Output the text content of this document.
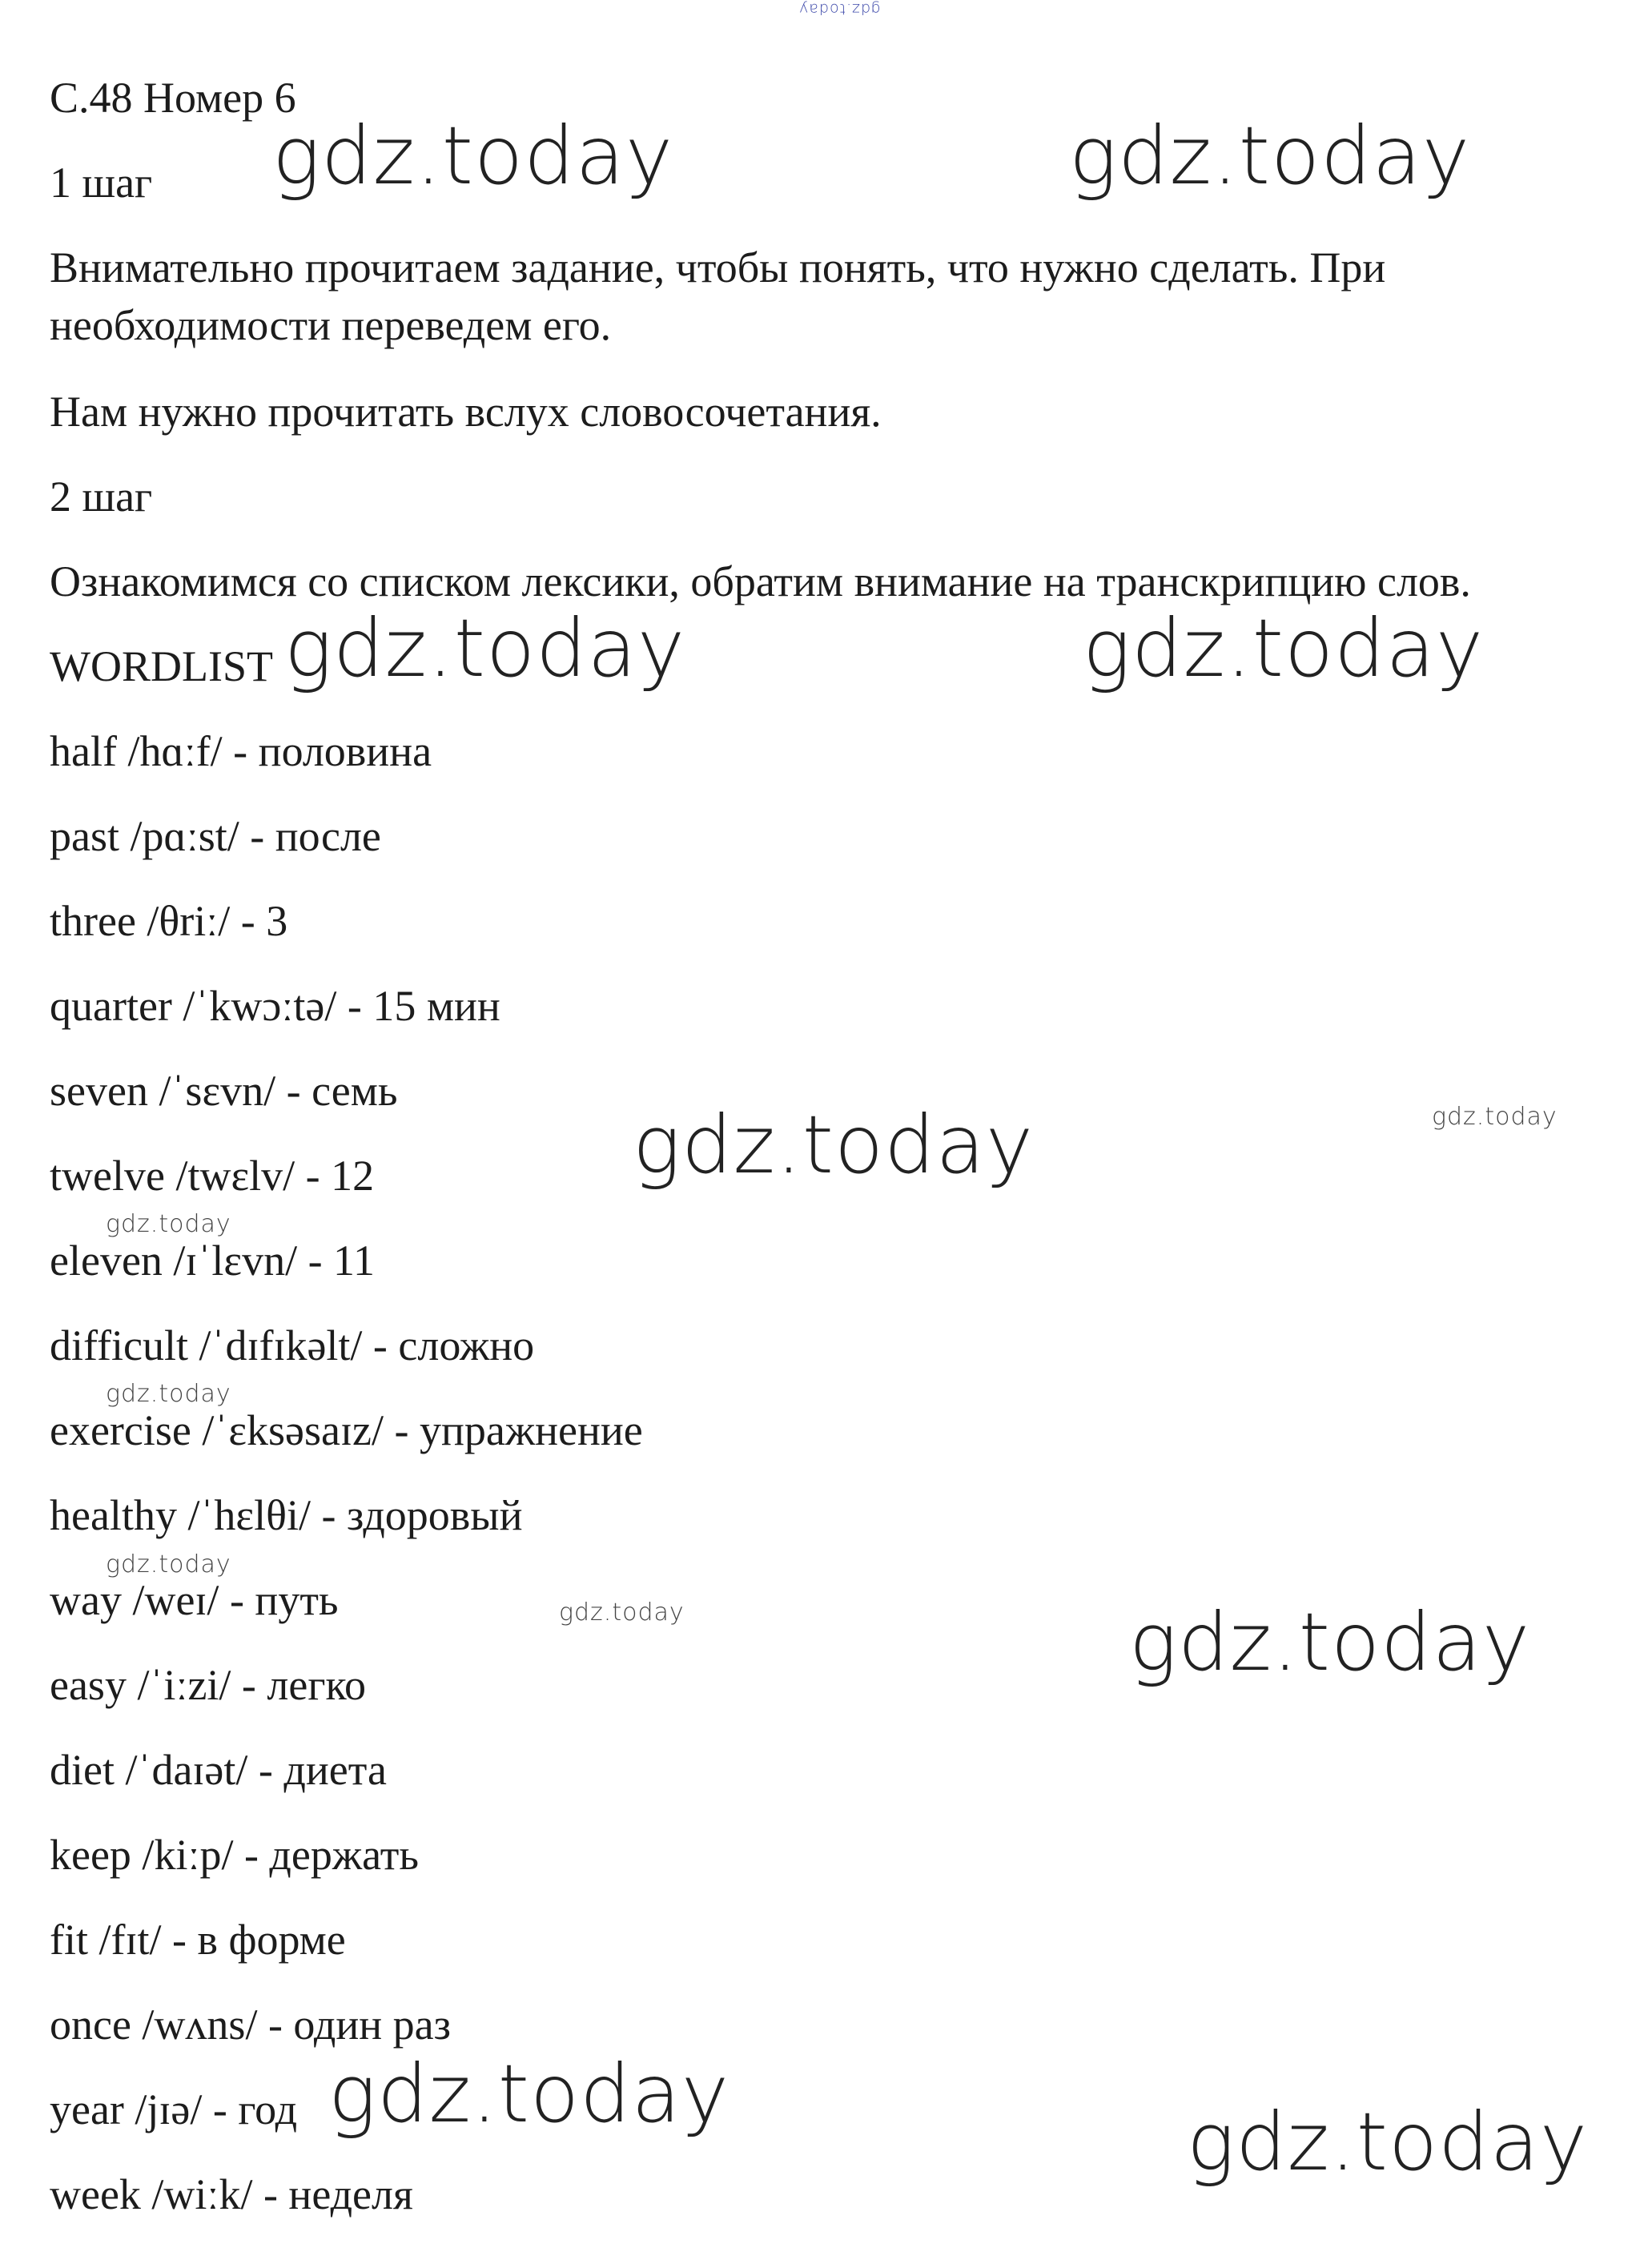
gdz.today

С.48 Номер 6

1 шаг

Внимательно прочитаем задание, чтобы понять, что нужно сделать. При

необходимости переведем его.

Нам нужно прочитать вслух словосочетания.

2 шаг

Ознакомимся со списком лексики, обратим внимание на транскрипцию слов.

WORDLIST

half /hɑːf/ - половина

past /pɑːst/ - после

three /θriː/ - 3

quarter /ˈkwɔːtə/ - 15 мин

seven /ˈsɛvn/ - семь

twelve /twɛlv/ - 12

eleven /ɪˈlɛvn/ - 11

difficult /ˈdɪfɪkəlt/ - сложно

exercise /ˈɛksəsaɪz/ - упражнение

healthy /ˈhɛlθi/ - здоровый

way /weɪ/ - путь

easy /ˈiːzi/ - легко

diet /ˈdaɪət/ - диета

keep /kiːp/ - держать

fit /fɪt/ - в форме

once /wʌns/ - один раз

year /jɪə/ - год

week /wiːk/ - неделя

gdz.today	gdz.today
gdz.today	gdz.today
gdz.today
gdz.today
gdz.today
gdz.today
gdz.today
gdz.today
gdz.today
gdz.today
gdz.today
